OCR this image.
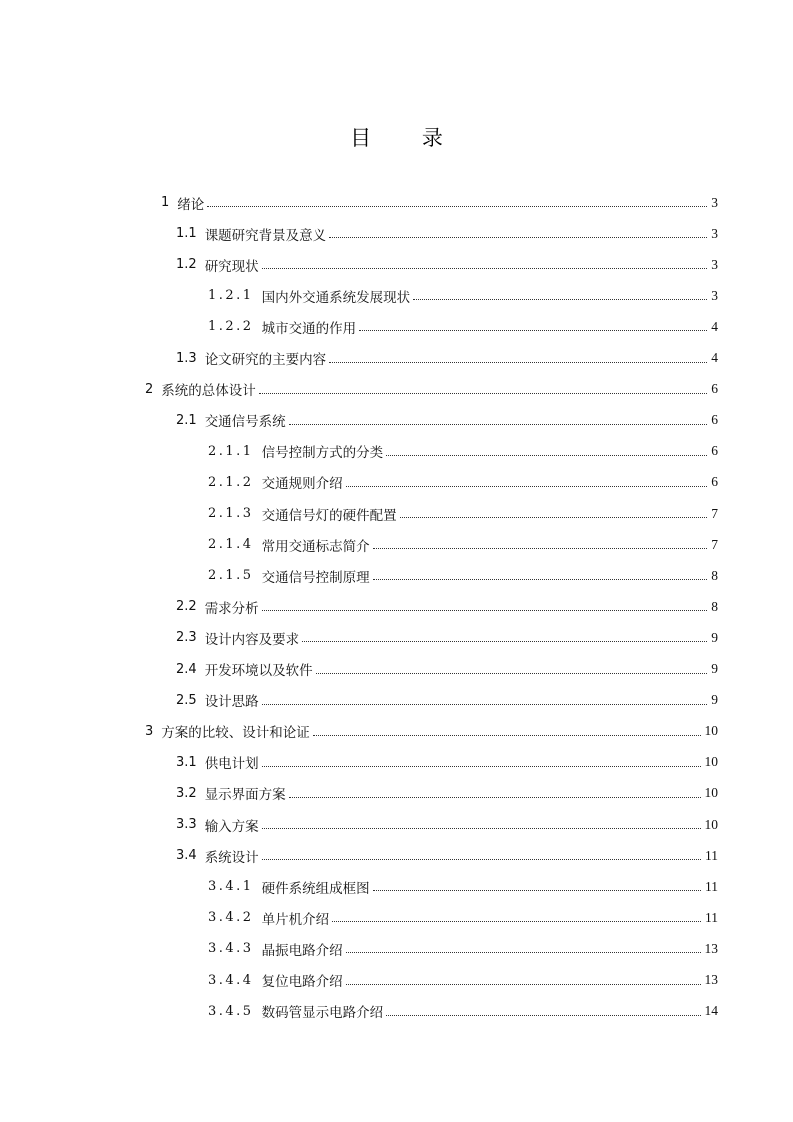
目 录
1 绪论	3
1.1 课题研究背景及意义	3
1.2 研究现状	3
1.2.1 国内外交通系统发展现状	3
1.2.2 城市交通的作用	4
1.3 论文研究的主要内容	4
2 系统的总体设计	6
2.1 交通信号系统	6
2.1.1 信号控制方式的分类	6
2.1.2 交通规则介绍	6
2.1.3 交通信号灯的硬件配置	7
2.1.4 常用交通标志简介	7
2.1.5 交通信号控制原理	8
2.2 需求分析	8
2.3 设计内容及要求	9
2.4 开发环境以及软件	9
2.5 设计思路	9
3 方案的比较、设计和论证	10
3.1 供电计划	10
3.2 显示界面方案	10
3.3 输入方案	10
3.4 系统设计	11
3.4.1 硬件系统组成框图	11
3.4.2 单片机介绍	11
3.4.3 晶振电路介绍	13
3.4.4 复位电路介绍	13
3.4.5 数码管显示电路介绍	14
